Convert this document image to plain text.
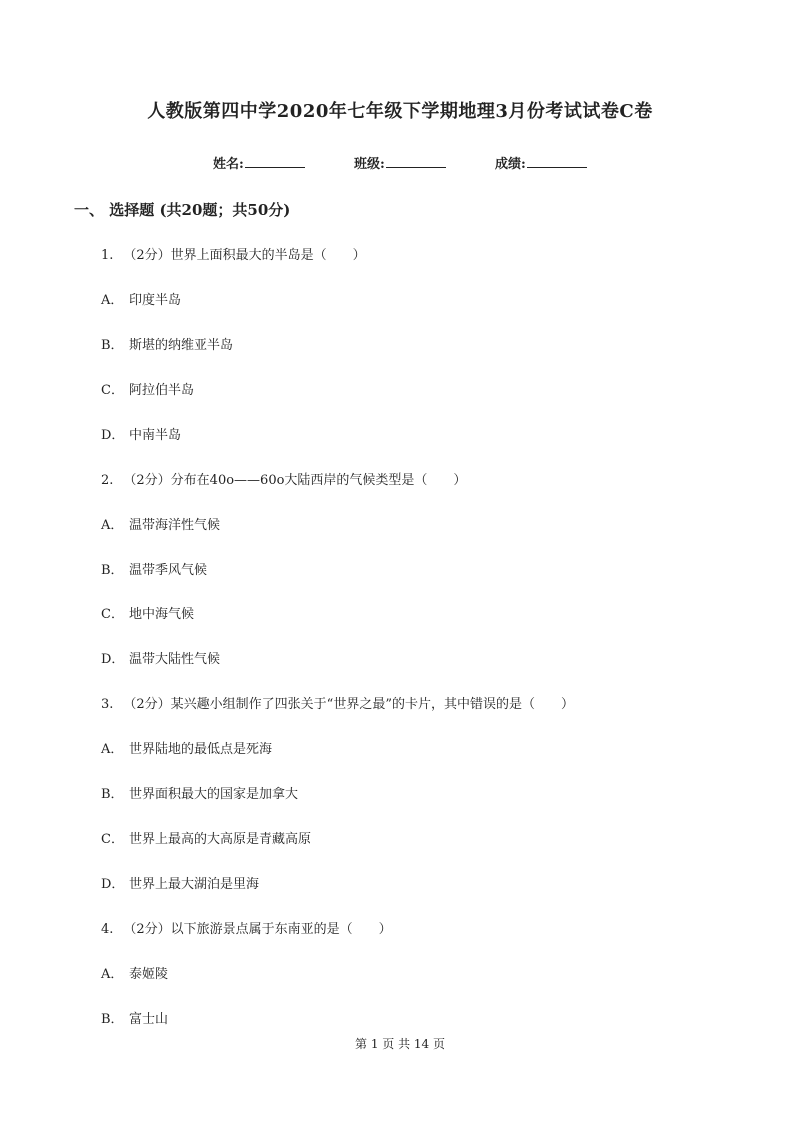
人教版第四中学2020年七年级下学期地理3月份考试试卷C卷
姓名:	班级:	成绩:
一、 选择题 (共20题；共50分)
1. （2分）世界上面积最大的半岛是（　　）
A． 印度半岛
B． 斯堪的纳维亚半岛
C． 阿拉伯半岛
D． 中南半岛
2. （2分）分布在40o——60o大陆西岸的气候类型是（　　）
A． 温带海洋性气候
B． 温带季风气候
C． 地中海气候
D． 温带大陆性气候
3. （2分）某兴趣小组制作了四张关于“世界之最”的卡片，其中错误的是（　　）
A． 世界陆地的最低点是死海
B． 世界面积最大的国家是加拿大
C． 世界上最高的大高原是青藏高原
D． 世界上最大湖泊是里海
4. （2分）以下旅游景点属于东南亚的是（　　）
A． 泰姬陵
B． 富士山
第 1 页 共 14 页
